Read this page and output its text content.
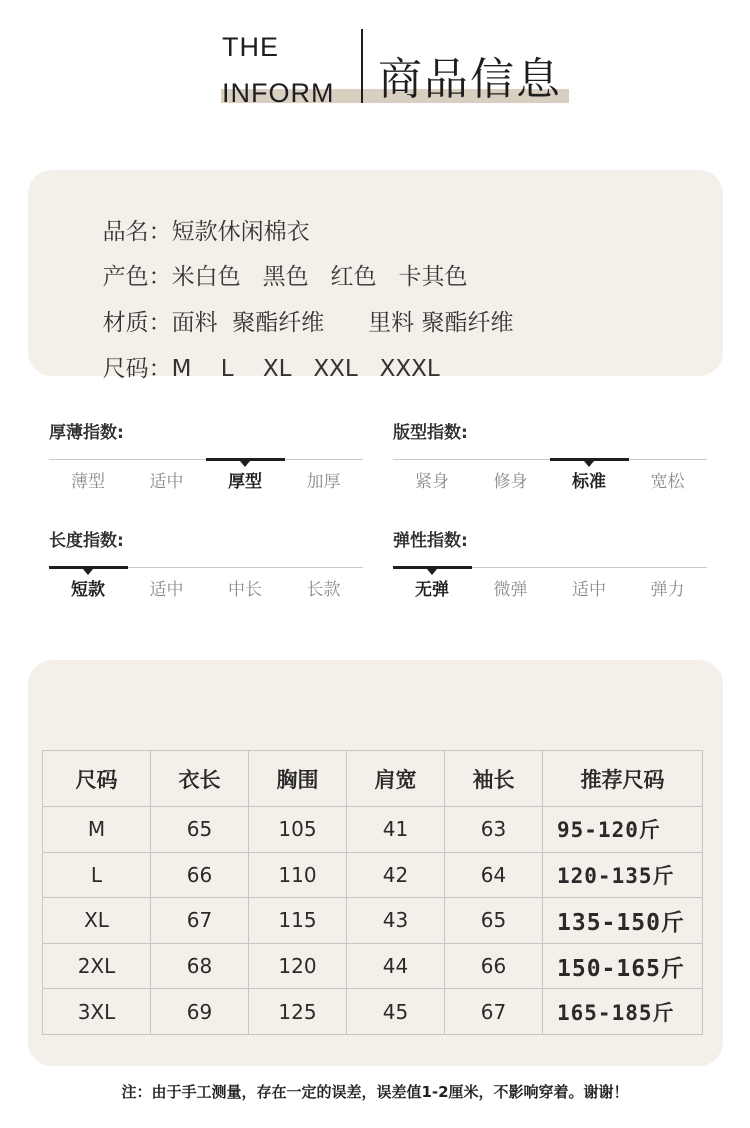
THE
INFORM 商品信息

品名：短款休闲棉衣

产色：米白色 黑色 红色 卡其色

材质：面料 聚酯纤维 里料 聚酯纤维

尺码：M L XL XXL XXXL

厚薄指数:
薄型	适中	厚型	加厚
版型指数:
紧身	修身	标准	宽松
长度指数:
短款	适中	中长	长款
弹性指数:
无弹	微弹	适中	弹力
尺码	衣长	胸围	肩宽	袖长	推荐尺码
M	65	105	41	63	95-120斤
L	66	110	42	64	120-135斤
XL	67	115	43	65	135-150斤
2XL	68	120	44	66	150-165斤
3XL	69	125	45	67	165-185斤
注：由于手工测量，存在一定的误差，误差值1-2厘米，不影响穿着。谢谢！
